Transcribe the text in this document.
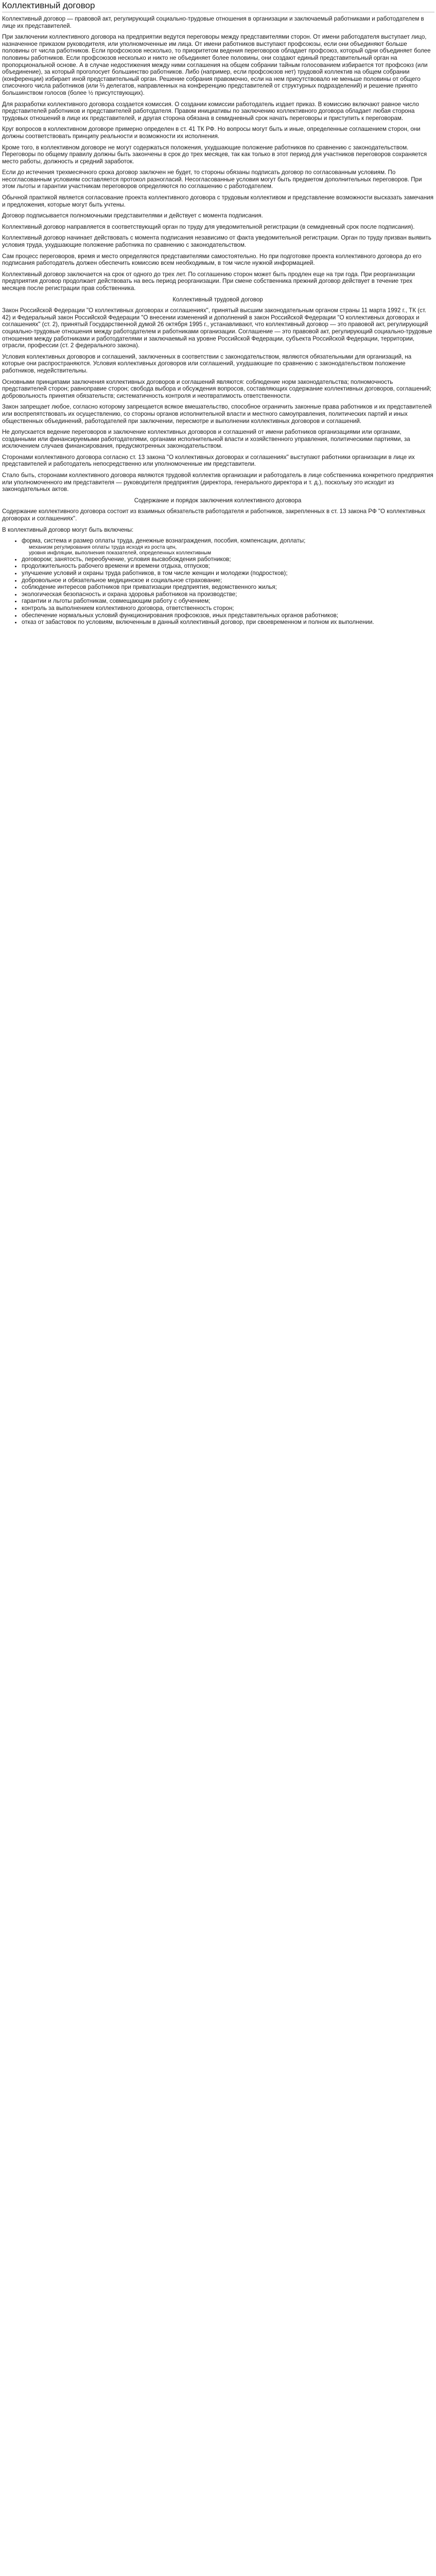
Коллективный договор

Коллективный договор — правовой акт, регулирующий социально-трудовые отношения в организации и заключаемый работниками и работодателем в лице их представителей.

При заключении коллективного договора на предприятии ведутся переговоры между представителями сторон. От имени работодателя выступает лицо, назначенное приказом руководителя, или уполномоченные им лица. От имени работников выступают профсоюзы, если они объединяют больше половины от числа работников. Если профсоюзов несколько, то приоритетом ведения переговоров обладает профсоюз, который одни объединяет более половины работников. Если профсоюзов несколько и никто не объединяет более половины, они создают единый представительный орган на пропорциональной основе. А в случае недостижения между ними соглашения на общем собрании тайным голосованием избирается тот профсоюз (или объединение), за который проголосует большинство работников. Либо (например, если профсоюзов нет) трудовой коллектив на общем собрании (конференции) избирает иной представительный орган. Решение собрания правомочно, если на нем присутствовало не меньше половины от общего списочного числа работников (или ⅔ делегатов, направленных на конференцию представителей от структурных подразделений) и решение принято большинством голосов (более ½ присутствующих).

Для разработки коллективного договора создается комиссия. О создании комиссии работодатель издает приказ. В комиссию включают равное число представителей работников и представителей работодателя. Правом инициативы по заключению коллективного договора обладает любая сторона трудовых отношений в лице их представителей, и другая сторона обязана в семидневный срок начать переговоры и приступить к переговорам.

Круг вопросов в коллективном договоре примерно определен в ст. 41 ТК РФ. Но вопросы могут быть и иные, определенные соглашением сторон, они должны соответствовать принципу реальности и возможности их исполнения.

Кроме того, в коллективном договоре не могут содержаться положения, ухудшающие положение работников по сравнению с законодательством. Переговоры по общему правилу должны быть закончены в срок до трех месяцев, так как только в этот период для участников переговоров сохраняется место работы, должность и средний заработок.

Если до истечения трехмесячного срока договор заключен не будет, то стороны обязаны подписать договор по согласованным условиям. По несогласованным условиям составляется протокол разногласий. Несогласованные условия могут быть предметом дополнительных переговоров. При этом льготы и гарантии участникам переговоров определяются по соглашению с работодателем.

Обычной практикой является согласование проекта коллективного договора с трудовым коллективом и представление возможности высказать замечания и предложения, которые могут быть учтены.

Договор подписывается полномочными представителями и действует с момента подписания.

Коллективный договор направляется в соответствующий орган по труду для уведомительной регистрации (в семидневный срок после подписания).

Коллективный договор начинает действовать с момента подписания независимо от факта уведомительной регистрации. Орган по труду призван выявить условия труда, ухудшающие положение работника по сравнению с законодательством.

Сам процесс переговоров, время и место определяются представителями самостоятельно. Но при подготовке проекта коллективного договора до его подписания работодатель должен обеспечить комиссию всем необходимым, в том числе нужной информацией.

Коллективный договор заключается на срок от одного до трех лет. По соглашению сторон может быть продлен еще на три года. При реорганизации предприятия договор продолжает действовать на весь период реорганизации. При смене собственника прежний договор действует в течение трех месяцев после регистрации прав собственника.

Коллективный трудовой договор

Закон Российской Федерации "О коллективных договорах и соглашениях", принятый высшим законодательным органом страны 11 марта 1992 г., ТК (ст. 42) и Федеральный закон Российской Федерации "О внесении изменений и дополнений в закон Российской Федерации "О коллективных договорах и соглашениях" (ст. 2), принятый Государственной думой 26 октября 1995 г., устанавливают, что коллективный договор — это правовой акт, регулирующий социально-трудовые отношения между работодателем и работниками организации. Соглашение — это правовой акт, регулирующий социально-трудовые отношения между работниками и работодателями и заключаемый на уровне Российской Федерации, субъекта Российской Федерации, территории, отрасли, профессии (ст. 2 федерального закона).

Условия коллективных договоров и соглашений, заключенных в соответствии с законодательством, являются обязательными для организаций, на которые они распространяются. Условия коллективных договоров или соглашений, ухудшающие по сравнению с законодательством положение работников, недействительны.

Основными принципами заключения коллективных договоров и соглашений являются: соблюдение норм законодательства; полномочность представителей сторон; равноправие сторон; свобода выбора и обсуждения вопросов, составляющих содержание коллективных договоров, соглашений; добровольность принятия обязательств; систематичность контроля и неотвратимость ответственности.

Закон запрещает любое, согласно которому запрещается всякое вмешательство, способное ограничить законные права работников и их представителей или воспрепятствовать их осуществлению, со стороны органов исполнительной власти и местного самоуправления, политических партий и иных общественных объединений, работодателей при заключении, пересмотре и выполнении коллективных договоров и соглашений.

Не допускается ведение переговоров и заключение коллективных договоров и соглашений от имени работников организациями или органами, созданными или финансируемыми работодателями, органами исполнительной власти и хозяйственного управления, политическими партиями, за исключением случаев финансирования, предусмотренных законодательством.

Сторонами коллективного договора согласно ст. 13 закона "О коллективных договорах и соглашениях" выступают работники организации в лице их представителей и работодатель непосредственно или уполномоченные им представители.

Стало быть, сторонами коллективного договора являются трудовой коллектив организации и работодатель в лице собственника конкретного предприятия или уполномоченного им представителя — руководителя предприятия (директора, генерального директора и т. д.), поскольку это исходит из законодательных актов.

Содержание и порядок заключения коллективного договора

Содержание коллективного договора состоит из взаимных обязательств работодателя и работников, закрепленных в ст. 13 закона РФ "О коллективных договорах и соглашениях".

В коллективный договор могут быть включены:

• форма, система и размер оплаты труда, денежные вознаграждения, пособия, компенсации, доплаты;
механизм регулирования оплаты труда исходя из роста цен,
уровня инфляции, выполнения показателей, определенных коллективным
• договором; занятость, переобучение, условия высвобождения работников;
• продолжительность рабочего времени и времени отдыха, отпусков;
• улучшение условий и охраны труда работников, в том числе женщин и молодежи (подростков);
• добровольное и обязательное медицинское и социальное страхование;
• соблюдение интересов работников при приватизации предприятия, ведомственного жилья;
• экологическая безопасность и охрана здоровья работников на производстве;
• гарантии и льготы работникам, совмещающим работу с обучением;
• контроль за выполнением коллективного договора, ответственность сторон;
• обеспечение нормальных условий функционирования профсоюзов, иных представительных органов работников;
• отказ от забастовок по условиям, включенным в данный коллективный договор, при своевременном и полном их выполнении.
